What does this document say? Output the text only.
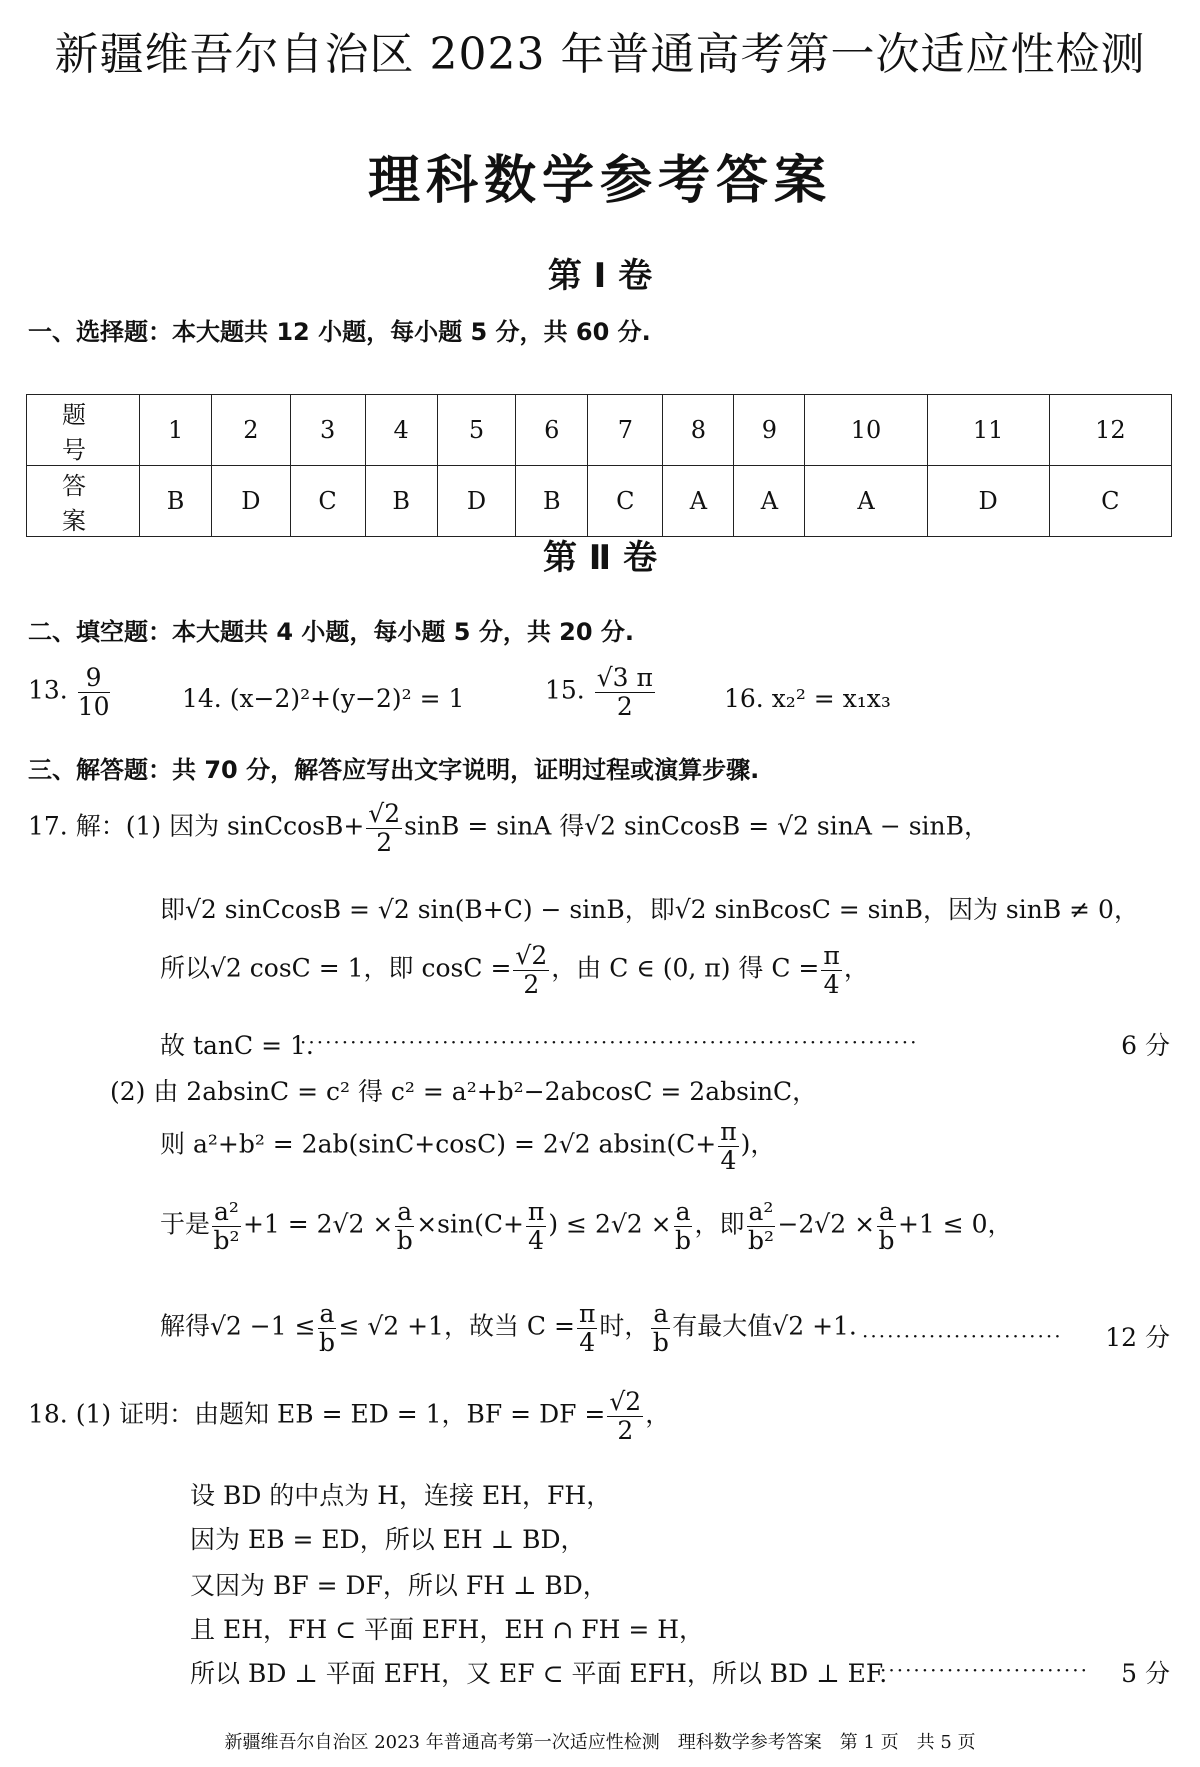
新疆维吾尔自治区 2023 年普通高考第一次适应性检测
理科数学参考答案
第 Ⅰ 卷
一、选择题：本大题共 12 小题，每小题 5 分，共 60 分.
题　号	1	2	3	4	5	6	7	8	9	10	11	12
答　案	B	D	C	B	D	B	C	A	A	A	D	C
第 Ⅱ 卷
二、填空题：本大题共 4 小题，每小题 5 分，共 20 分.
13. $\frac{9}{10}$	14. (x−2)²+(y−2)² = 1	15. $\frac{√3 \pi}{2}$	16. x₂² = x₁x₃
三、解答题：共 70 分，解答应写出文字说明，证明过程或演算步骤.
17. 解：(1) 因为 sinCcosB+ $\frac{√2}{2}$ sinB = sinA 得√2 sinCcosB = √2 sinA − sinB，
即√2 sinCcosB = √2 sin(B+C) − sinB，即√2 sinBcosC = sinB，因为 sinB ≠ 0，
所以√2 cosC = 1，即 $\cos C = \frac{√2}{2}$ ，由 C ∈ (0, π) 得 $C = \frac{\pi}{4}$ ，
故 tanC = 1.
··········································································	6 分
(2) 由 2absinC = c² 得 c² = a²+b²−2abcosC = 2absinC，
则 a²+b² = 2ab(sinC+cosC) = 2√2 $absin(C+ \frac{\pi}{4}$ )，
于是 $\frac{\text{a²}}{\text{b²}} +1 = 2√2 \times \frac{a}{b} \times\sin(C+ \frac{\pi}{4}$ ) ≤ $2√2 \times \frac{a}{b}$ ，即 $\frac{\text{a²}}{\text{b²}} -2√2 \times \frac{a}{b} +1 \le 0$，
解得$√2 -1 \le \frac{a}{b} \le √2 +1$，故当 $C = \frac{\pi}{4}$ 时， $\frac{a}{b}$ 有最大值√2 +1. ························ 12 分
18. (1) 证明：由题知 EB = ED = 1，BF = DF = $\frac{√2}{2}$ ，
设 BD 的中点为 H，连接 EH，FH，
因为 EB = ED，所以 EH ⊥ BD，
又因为 BF = DF，所以 FH ⊥ BD，
且 EH，FH ⊂ 平面 EFH，EH ∩ FH = H，
所以 BD ⊥ 平面 EFH，又 EF ⊂ 平面 EFH，所以 BD ⊥ EF.
························· 5 分
新疆维吾尔自治区 2023 年普通高考第一次适应性检测　理科数学参考答案　第 1 页　共 5 页
